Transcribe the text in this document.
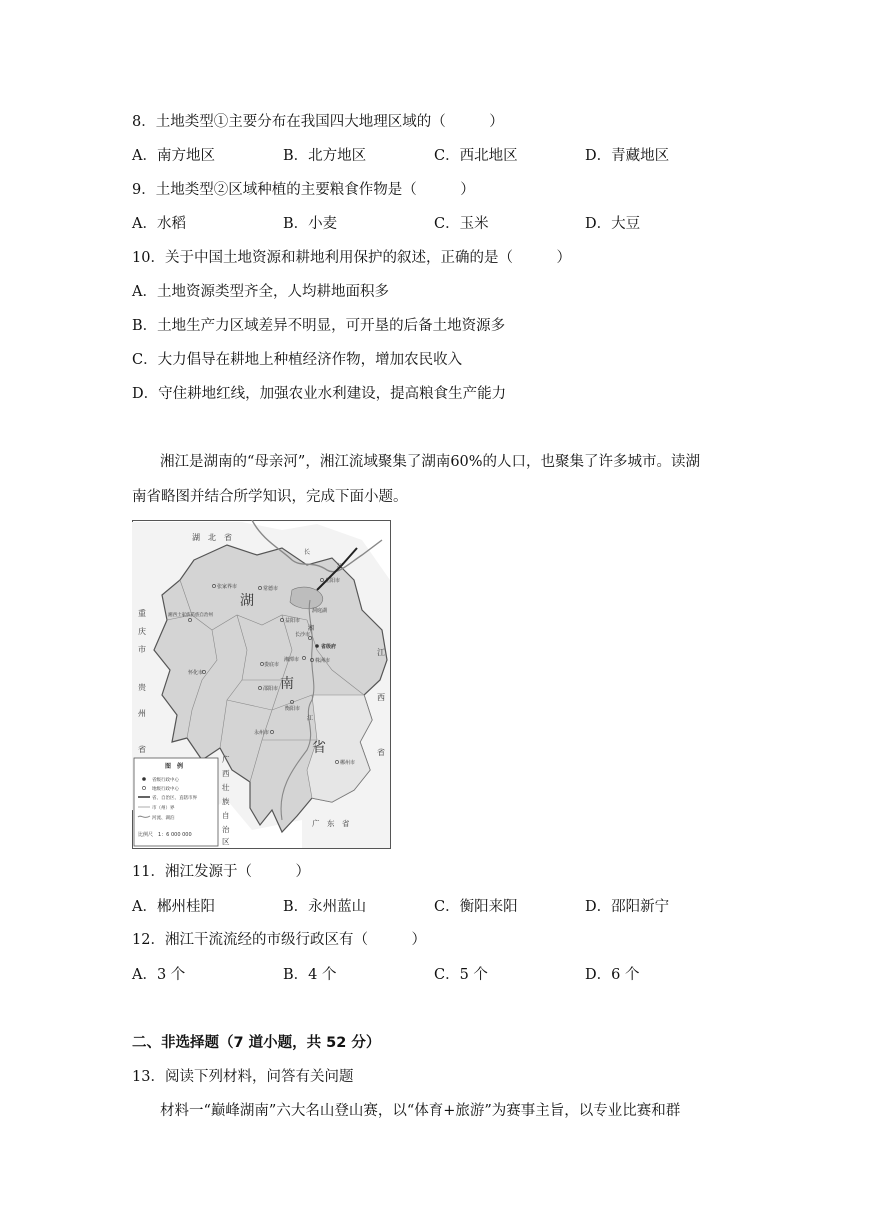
8．土地类型①主要分布在我国四大地理区域的（　　　）
A．南方地区	B．北方地区	C．西北地区	D．青藏地区
9．土地类型②区域种植的主要粮食作物是（　　　）
A．水稻	B．小麦	C．玉米	D．大豆
10．关于中国土地资源和耕地利用保护的叙述，正确的是（　　　）
A．土地资源类型齐全，人均耕地面积多
B．土地生产力区域差异不明显，可开垦的后备土地资源多
C．大力倡导在耕地上种植经济作物，增加农民收入
D．守住耕地红线，加强农业水利建设，提高粮食生产能力
湘江是湖南的“母亲河”，湘江流域聚集了湖南60%的人口，也聚集了许多城市。读湖
南省略图并结合所学知识，完成下面小题。
湖
南
省
湖　北　省
重
庆
市
贵
州
省
江
西
省
广
西
壮
族
自
治
区
广　东　省
长
江
湘
江
洞庭湖
张家界市	常德市
岳阳市
益阳市
长沙市
省级府
湘潭市	株洲市
娄底市
怀化市
邵阳市
衡阳市
永州市
郴州市
湘西土家族苗族自治州
图　例
省级行政中心
地级行政中心
省、自治区、直辖市界
市（州）界
河流、湖泊
比例尺　1：6 000 000
11．湘江发源于（　　　）
A．郴州桂阳	B．永州蓝山	C．衡阳来阳	D．邵阳新宁
12．湘江干流流经的市级行政区有（　　　）
A．3 个	B．4 个	C．5 个	D．6 个
二、非选择题（7 道小题，共 52 分）
13．阅读下列材料，问答有关问题
材料一“巅峰湖南”六大名山登山赛，以“体育+旅游”为赛事主旨，以专业比赛和群
